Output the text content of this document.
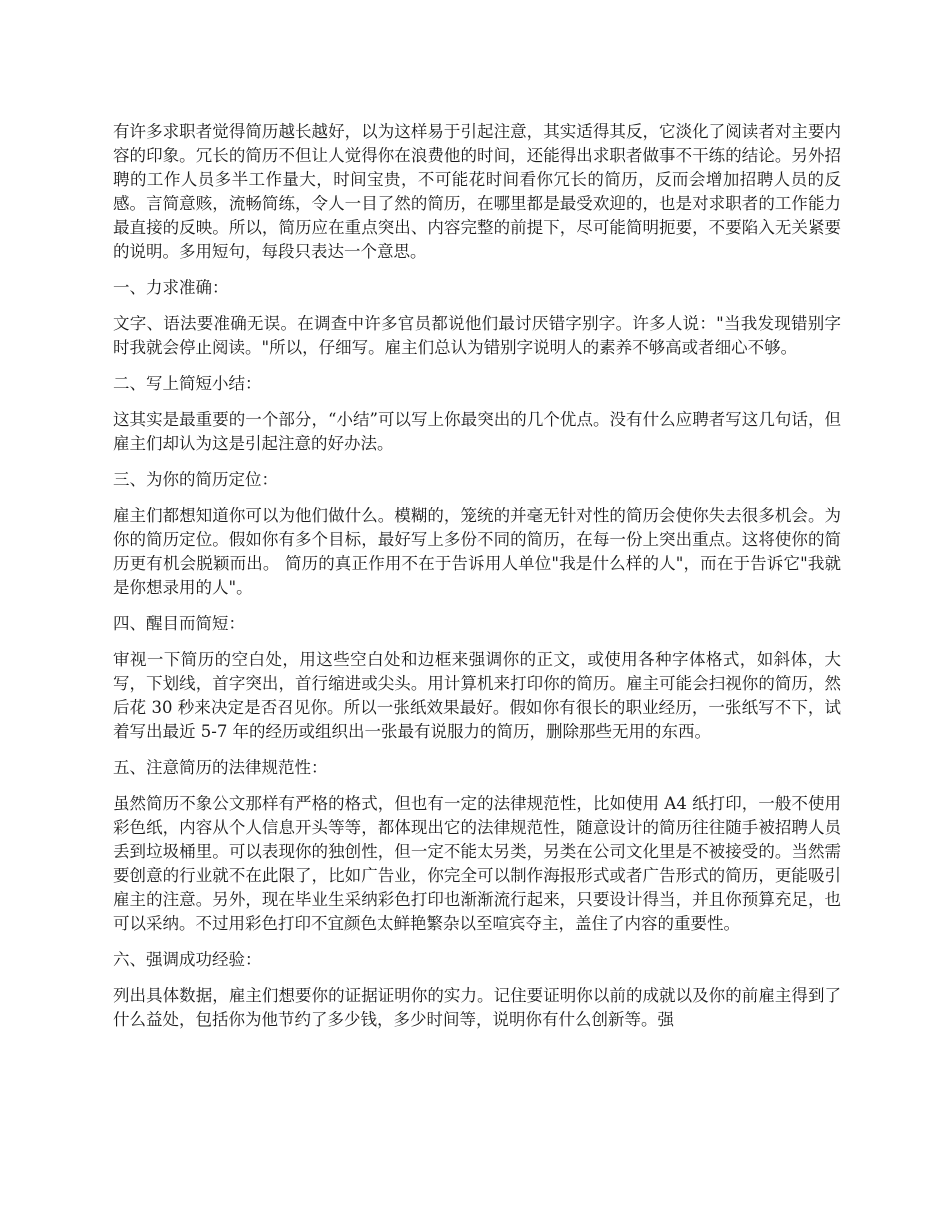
有许多求职者觉得简历越长越好，以为这样易于引起注意，其实适得其反，它淡化了阅读者对主要内容的印象。冗长的简历不但让人觉得你在浪费他的时间，还能得出求职者做事不干练的结论。另外招聘的工作人员多半工作量大，时间宝贵，不可能花时间看你冗长的简历，反而会增加招聘人员的反感。言简意赅，流畅简练，令人一目了然的简历，在哪里都是最受欢迎的，也是对求职者的工作能力最直接的反映。所以，简历应在重点突出、内容完整的前提下，尽可能简明扼要，不要陷入无关紧要的说明。多用短句，每段只表达一个意思。

一、力求准确：

文字、语法要准确无误。在调查中许多官员都说他们最讨厌错字别字。许多人说："当我发现错别字时我就会停止阅读。"所以，仔细写。雇主们总认为错别字说明人的素养不够高或者细心不够。

二、写上简短小结：

这其实是最重要的一个部分，“小结”可以写上你最突出的几个优点。没有什么应聘者写这几句话，但雇主们却认为这是引起注意的好办法。

三、为你的简历定位：

雇主们都想知道你可以为他们做什么。模糊的，笼统的并毫无针对性的简历会使你失去很多机会。为你的简历定位。假如你有多个目标，最好写上多份不同的简历，在每一份上突出重点。这将使你的简历更有机会脱颖而出。 简历的真正作用不在于告诉用人单位"我是什么样的人"，而在于告诉它"我就是你想录用的人"。

四、醒目而简短：

审视一下简历的空白处，用这些空白处和边框来强调你的正文，或使用各种字体格式，如斜体，大写，下划线，首字突出，首行缩进或尖头。用计算机来打印你的简历。雇主可能会扫视你的简历，然后花 30 秒来决定是否召见你。所以一张纸效果最好。假如你有很长的职业经历，一张纸写不下，试着写出最近 5-7 年的经历或组织出一张最有说服力的简历，删除那些无用的东西。

五、注意简历的法律规范性：

虽然简历不象公文那样有严格的格式，但也有一定的法律规范性，比如使用 A4 纸打印，一般不使用彩色纸，内容从个人信息开头等等，都体现出它的法律规范性，随意设计的简历往往随手被招聘人员丢到垃圾桶里。可以表现你的独创性，但一定不能太另类，另类在公司文化里是不被接受的。当然需要创意的行业就不在此限了，比如广告业，你完全可以制作海报形式或者广告形式的简历，更能吸引雇主的注意。另外，现在毕业生采纳彩色打印也渐渐流行起来，只要设计得当，并且你预算充足，也可以采纳。不过用彩色打印不宜颜色太鲜艳繁杂以至喧宾夺主，盖住了内容的重要性。

六、强调成功经验：

列出具体数据，雇主们想要你的证据证明你的实力。记住要证明你以前的成就以及你的前雇主得到了什么益处，包括你为他节约了多少钱，多少时间等，说明你有什么创新等。强
